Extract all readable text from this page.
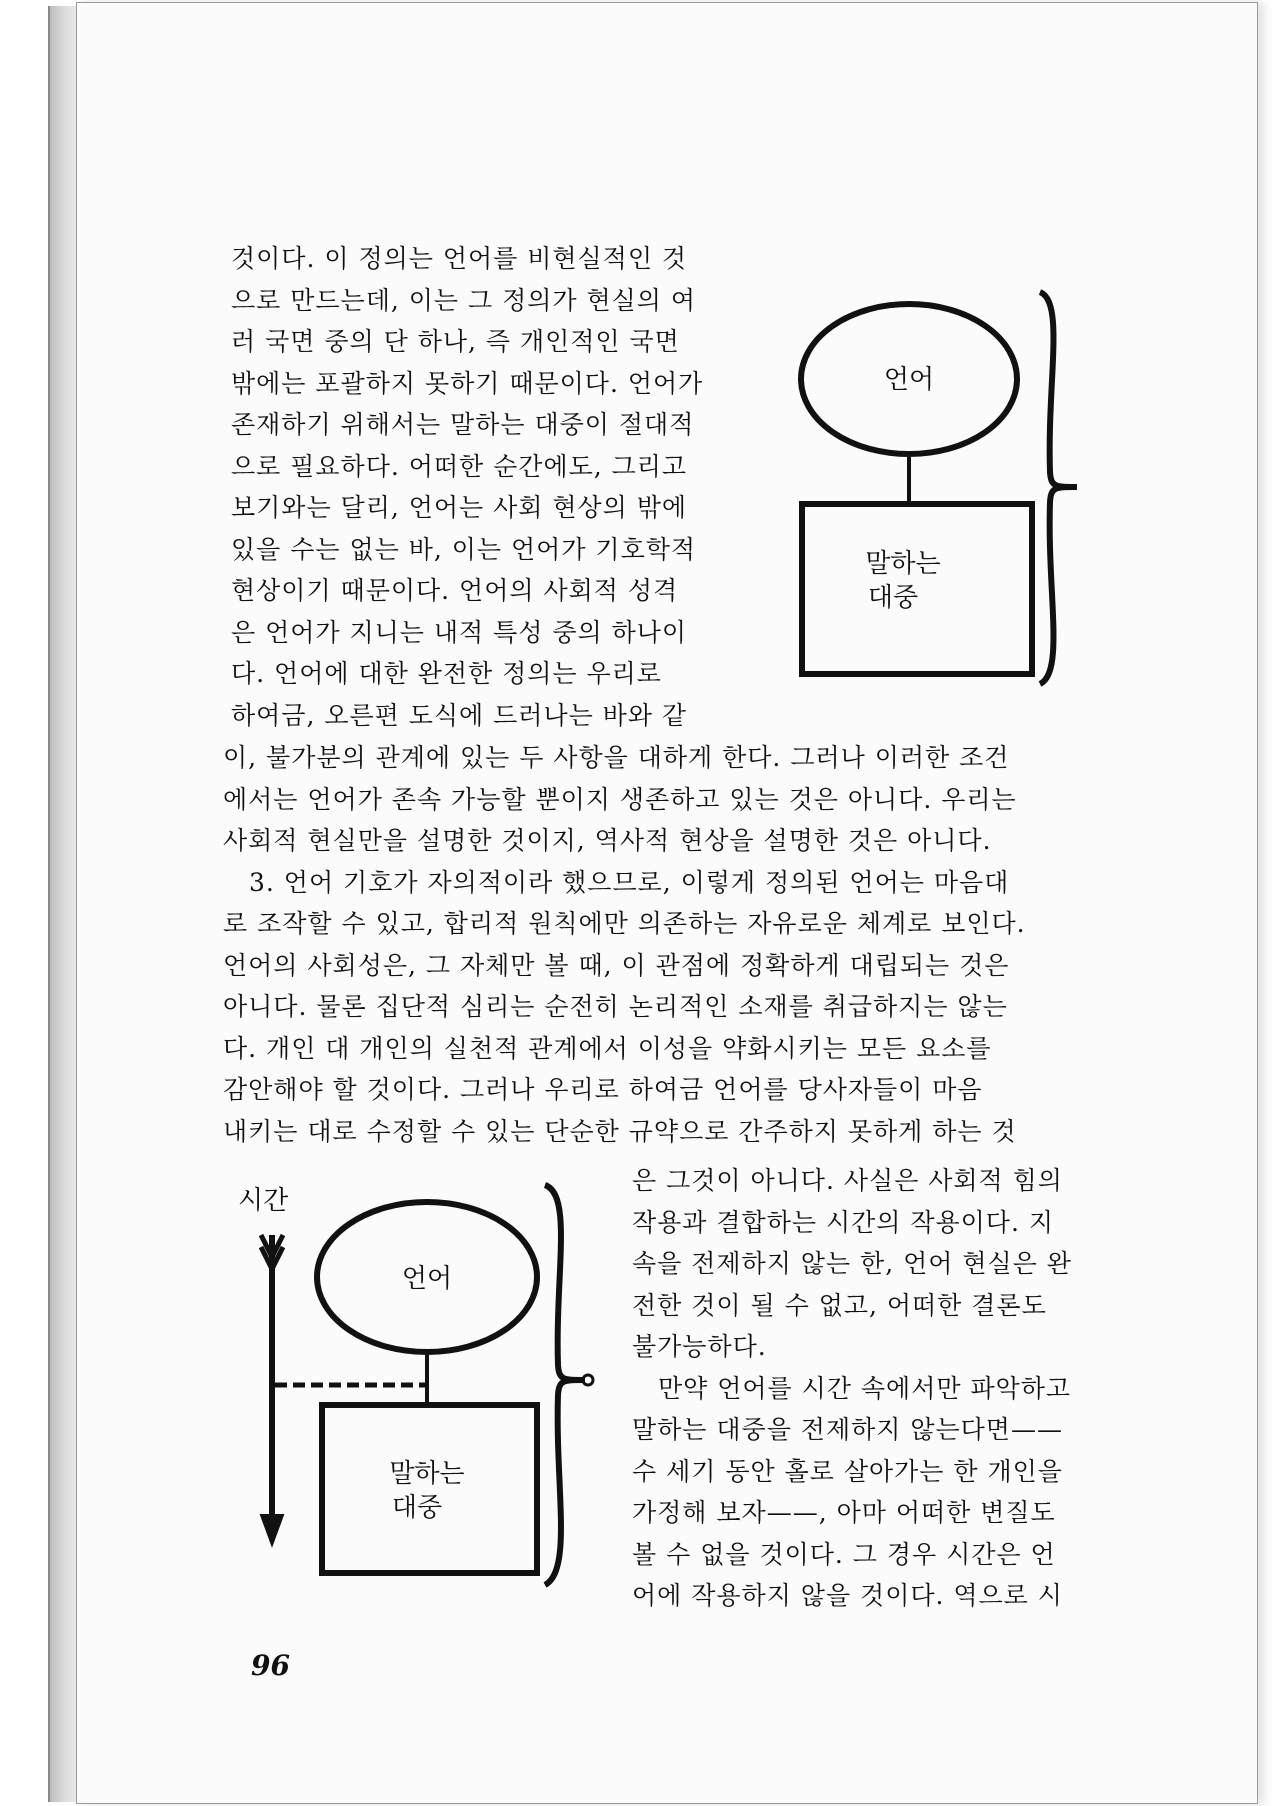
것이다. 이 정의는 언어를 비현실적인 것
으로 만드는데, 이는 그 정의가 현실의 여
러 국면 중의 단 하나, 즉 개인적인 국면
밖에는 포괄하지 못하기 때문이다. 언어가
존재하기 위해서는 말하는 대중이 절대적
으로 필요하다. 어떠한 순간에도, 그리고
보기와는 달리, 언어는 사회 현상의 밖에
있을 수는 없는 바, 이는 언어가 기호학적
현상이기 때문이다. 언어의 사회적 성격
은 언어가 지니는 내적 특성 중의 하나이
다. 언어에 대한 완전한 정의는 우리로
하여금, 오른편 도식에 드러나는 바와 같
언어
말하는
대중
이, 불가분의 관계에 있는 두 사항을 대하게 한다. 그러나 이러한 조건
에서는 언어가 존속 가능할 뿐이지 생존하고 있는 것은 아니다. 우리는
사회적 현실만을 설명한 것이지, 역사적 현상을 설명한 것은 아니다.
3. 언어 기호가 자의적이라 했으므로, 이렇게 정의된 언어는 마음대
로 조작할 수 있고, 합리적 원칙에만 의존하는 자유로운 체계로 보인다.
언어의 사회성은, 그 자체만 볼 때, 이 관점에 정확하게 대립되는 것은
아니다. 물론 집단적 심리는 순전히 논리적인 소재를 취급하지는 않는
다. 개인 대 개인의 실천적 관계에서 이성을 약화시키는 모든 요소를
감안해야 할 것이다. 그러나 우리로 하여금 언어를 당사자들이 마음
내키는 대로 수정할 수 있는 단순한 규약으로 간주하지 못하게 하는 것
시간
언어
말하는
대중
은 그것이 아니다. 사실은 사회적 힘의
작용과 결합하는 시간의 작용이다. 지
속을 전제하지 않는 한, 언어 현실은 완
전한 것이 될 수 없고, 어떠한 결론도
불가능하다.
만약 언어를 시간 속에서만 파악하고
말하는 대중을 전제하지 않는다면——
수 세기 동안 홀로 살아가는 한 개인을
가정해 보자——, 아마 어떠한 변질도
볼 수 없을 것이다. 그 경우 시간은 언
어에 작용하지 않을 것이다. 역으로 시
96
